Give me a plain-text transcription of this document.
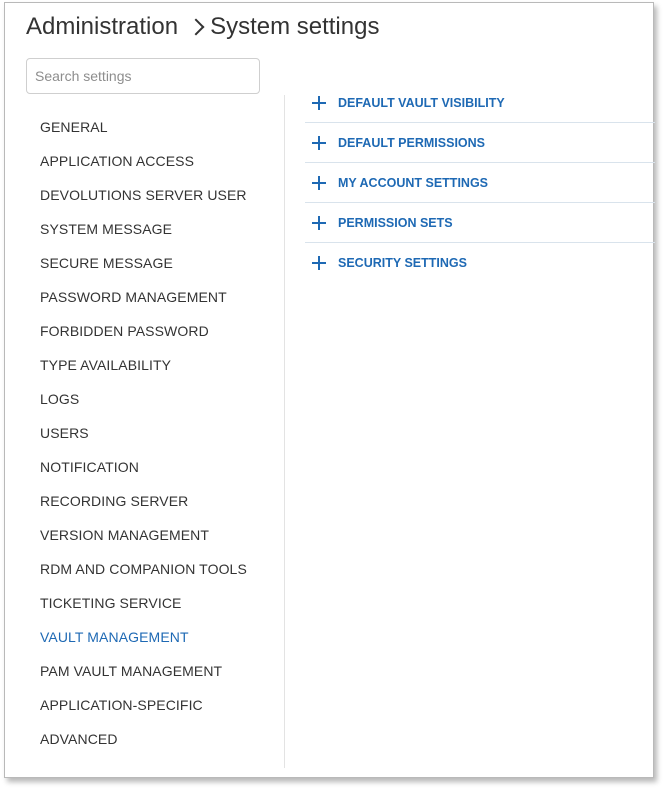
Administration System settings
Search settings
GENERAL
APPLICATION ACCESS
DEVOLUTIONS SERVER USER
SYSTEM MESSAGE
SECURE MESSAGE
PASSWORD MANAGEMENT
FORBIDDEN PASSWORD
TYPE AVAILABILITY
LOGS
USERS
NOTIFICATION
RECORDING SERVER
VERSION MANAGEMENT
RDM AND COMPANION TOOLS
TICKETING SERVICE
VAULT MANAGEMENT
PAM VAULT MANAGEMENT
APPLICATION-SPECIFIC
ADVANCED
DEFAULT VAULT VISIBILITY
DEFAULT PERMISSIONS
MY ACCOUNT SETTINGS
PERMISSION SETS
SECURITY SETTINGS
